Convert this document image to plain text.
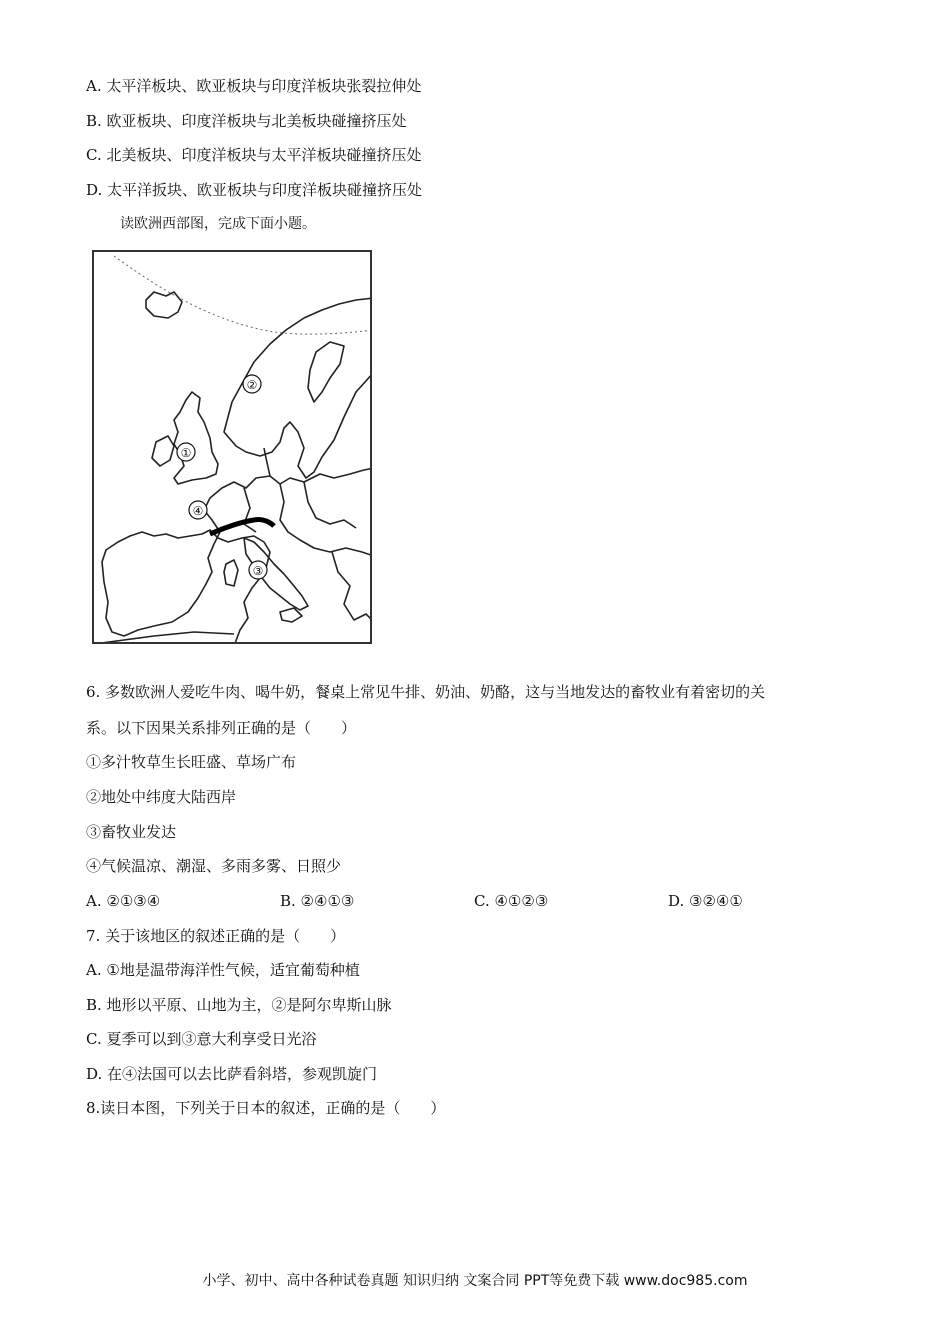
A. 太平洋板块、欧亚板块与印度洋板块张裂拉伸处
B. 欧亚板块、印度洋板块与北美板块碰撞挤压处
C. 北美板块、印度洋板块与太平洋板块碰撞挤压处
D. 太平洋扳块、欧亚板块与印度洋板块碰撞挤压处
读欧洲西部图，完成下面小题。
①
②
③
④
6. 多数欧洲人爱吃牛肉、喝牛奶，餐桌上常见牛排、奶油、奶酪，这与当地发达的畜牧业有着密切的关
系。以下因果关系排列正确的是（　　）
①多汁牧草生长旺盛、草场广布
②地处中纬度大陆西岸
③畜牧业发达
④气候温凉、潮湿、多雨多雾、日照少
A. ②①③④	B. ②④①③	C. ④①②③	D. ③②④①
7. 关于该地区的叙述正确的是（　　）
A. ①地是温带海洋性气候，适宜葡萄种植
B. 地形以平原、山地为主，②是阿尔卑斯山脉
C. 夏季可以到③意大利享受日光浴
D. 在④法国可以去比萨看斜塔，参观凯旋门
8.读日本图，下列关于日本的叙述，正确的是（　　）
小学、初中、高中各种试卷真题 知识归纳 文案合同 PPT等免费下载 www.doc985.com
